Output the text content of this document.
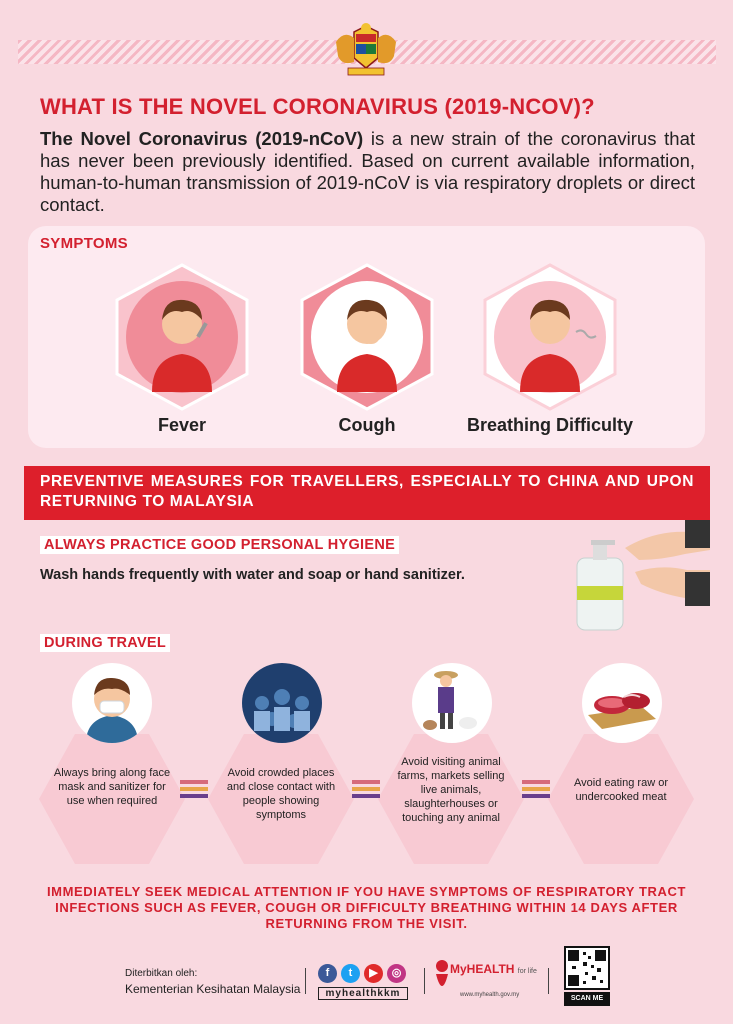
WHAT IS THE NOVEL CORONAVIRUS (2019-NCOV)?
The Novel Coronavirus (2019-nCoV) is a new strain of the coronavirus that has never been previously identified. Based on current available information, human-to-human transmission of 2019-nCoV is via respiratory droplets or direct contact.
SYMPTOMS
Fever	Cough	Breathing Difficulty
PREVENTIVE MEASURES FOR TRAVELLERS, ESPECIALLY TO CHINA AND UPON RETURNING TO MALAYSIA
ALWAYS PRACTICE GOOD PERSONAL HYGIENE
Wash hands frequently with water and soap or hand sanitizer.
DURING TRAVEL
Always bring along face mask and sanitizer for use when required
Avoid crowded places and close contact with people showing symptoms
Avoid visiting animal farms, markets selling live animals, slaughterhouses or touching any animal
Avoid eating raw or undercooked meat
IMMEDIATELY SEEK MEDICAL ATTENTION IF YOU HAVE SYMPTOMS OF RESPIRATORY TRACT INFECTIONS SUCH AS FEVER, COUGH OR DIFFICULTY BREATHING WITHIN 14 DAYS AFTER RETURNING FROM THE VISIT.
Diterbitkan oleh:
Kementerian Kesihatan Malaysia
f	t	▶	◎
myhealthkkm
MyHEALTH for life
www.myhealth.gov.my	SCAN ME
